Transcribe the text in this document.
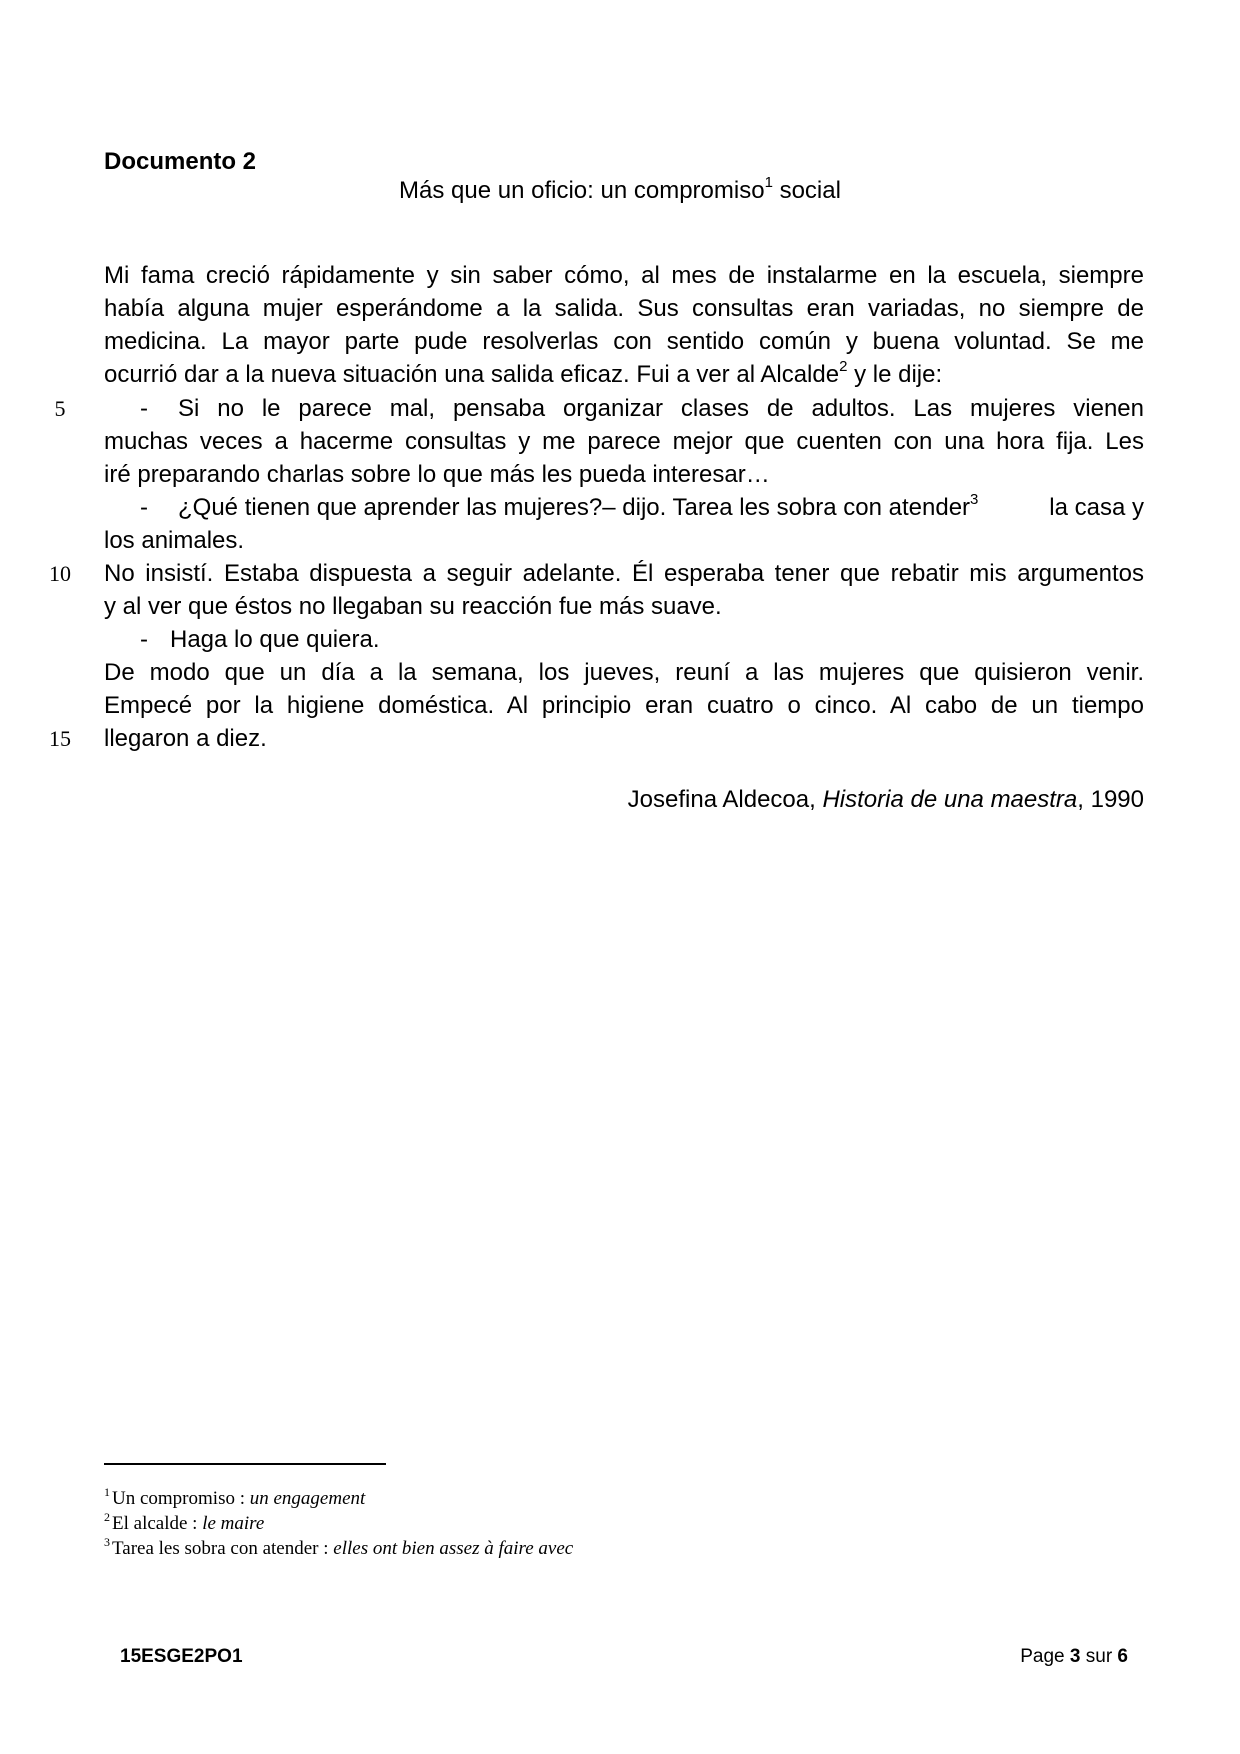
Documento 2
Más que un oficio: un compromiso$^1$ social
Mi fama creció rápidamente y sin saber cómo, al mes de instalarme en la escuela, siempre
había alguna mujer esperándome a la salida. Sus consultas eran variadas, no siempre de
medicina. La mayor parte pude resolverlas con sentido común y buena voluntad. Se me
ocurrió dar a la nueva situación una salida eficaz. Fui a ver al Alcalde$^2$ y le dije:
5	-	Si no le parece mal, pensaba organizar clases de adultos. Las mujeres vienen
muchas veces a hacerme consultas y me parece mejor que cuenten con una hora fija. Les
iré preparando charlas sobre lo que más les pueda interesar…
-	¿Qué tienen que aprender las mujeres?– dijo. Tarea les sobra con atender$^3$	la casa y
los animales.
10	No insistí. Estaba dispuesta a seguir adelante. Él esperaba tener que rebatir mis argumentos
y al ver que éstos no llegaban su reacción fue más suave.
- Haga lo que quiera.
De modo que un día a la semana, los jueves, reuní a las mujeres que quisieron venir.
Empecé por la higiene doméstica. Al principio eran cuatro o cinco. Al cabo de un tiempo
15	llegaron a diez.
Josefina Aldecoa, Historia de una maestra, 1990
$^1$ Un compromiso : un engagement
$^2$ El alcalde : le maire
$^3$ Tarea les sobra con atender : elles ont bien assez à faire avec
15ESGE2PO1	Page 3 sur 6
